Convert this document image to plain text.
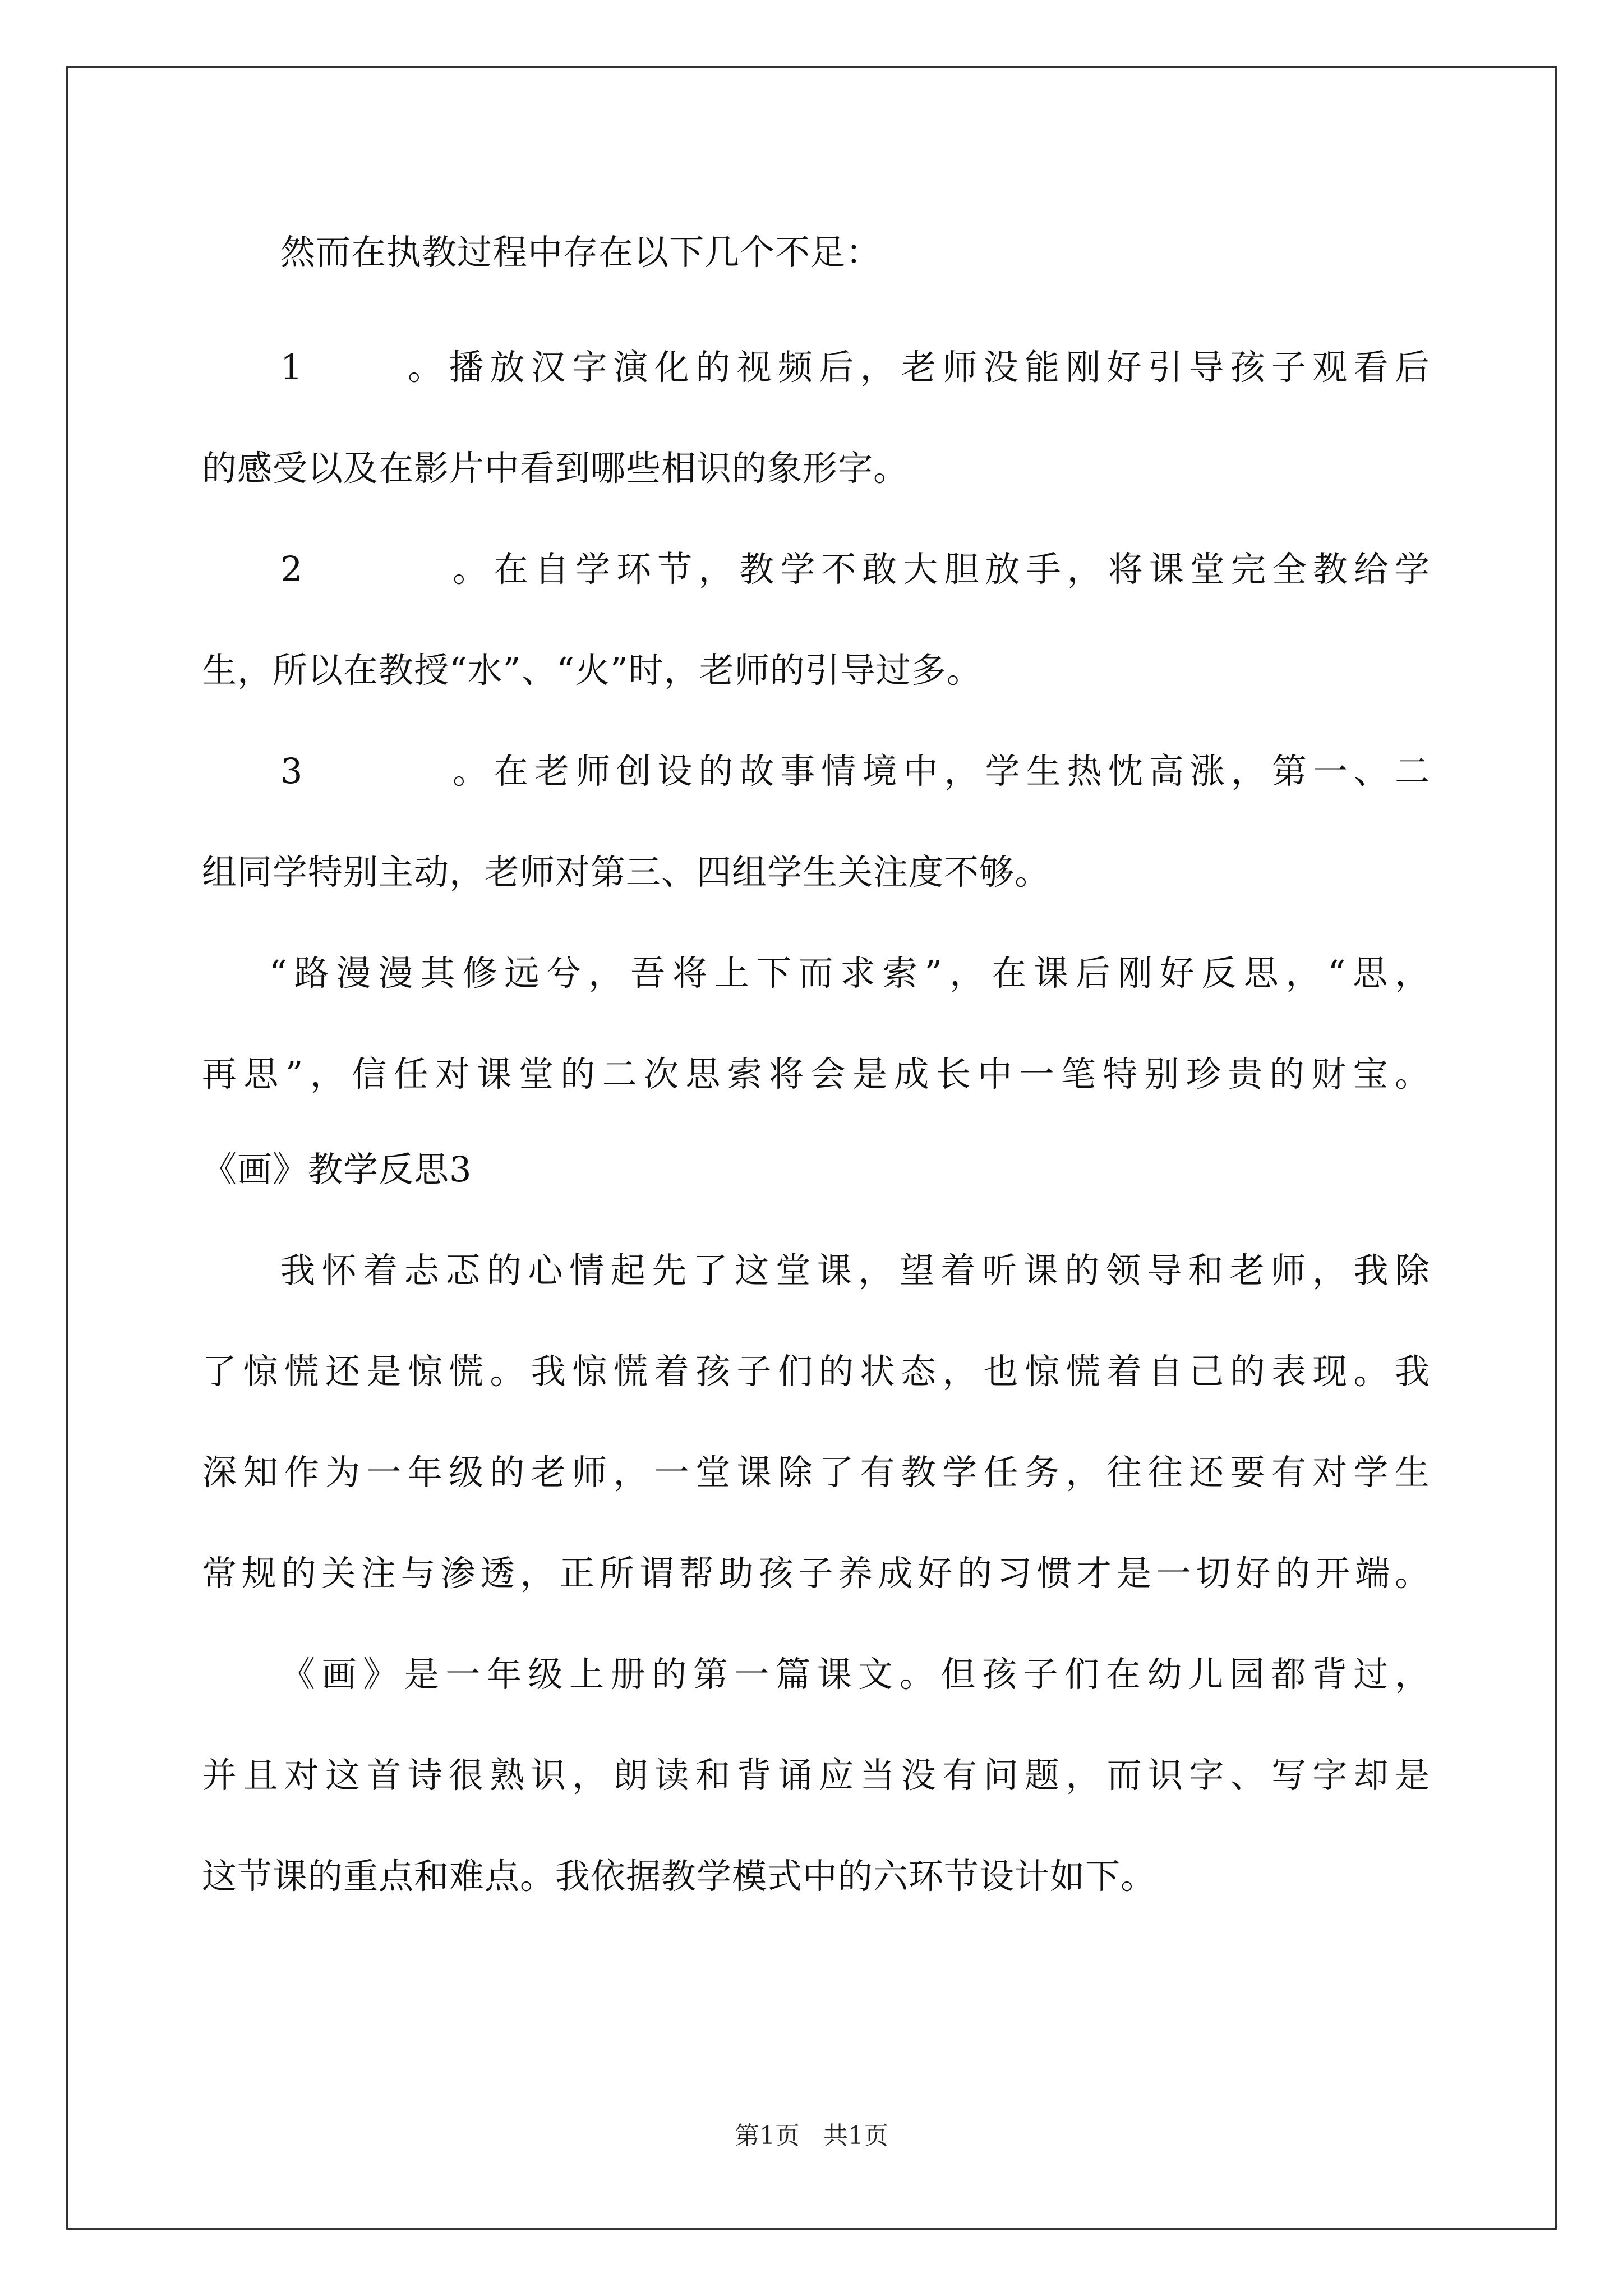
然而在执教过程中存在以下几个不足：
1。播放汉字演化的视频后，老师没能刚好引导孩子观看后
的感受以及在影片中看到哪些相识的象形字。
2。在自学环节，教学不敢大胆放手，将课堂完全教给学
生，所以在教授“水”、“火”时，老师的引导过多。
3。在老师创设的故事情境中，学生热忱高涨，第一、二
组同学特别主动，老师对第三、四组学生关注度不够。
“路漫漫其修远兮，吾将上下而求索”，在课后刚好反思，“思，
再思”，信任对课堂的二次思索将会是成长中一笔特别珍贵的财宝。
《画》教学反思3
我怀着忐忑的心情起先了这堂课，望着听课的领导和老师，我除
了惊慌还是惊慌。我惊慌着孩子们的状态，也惊慌着自己的表现。我
深知作为一年级的老师，一堂课除了有教学任务，往往还要有对学生
常规的关注与渗透，正所谓帮助孩子养成好的习惯才是一切好的开端。
《画》是一年级上册的第一篇课文。但孩子们在幼儿园都背过，
并且对这首诗很熟识，朗读和背诵应当没有问题，而识字、写字却是
这节课的重点和难点。我依据教学模式中的六环节设计如下。
第1页 共1页
